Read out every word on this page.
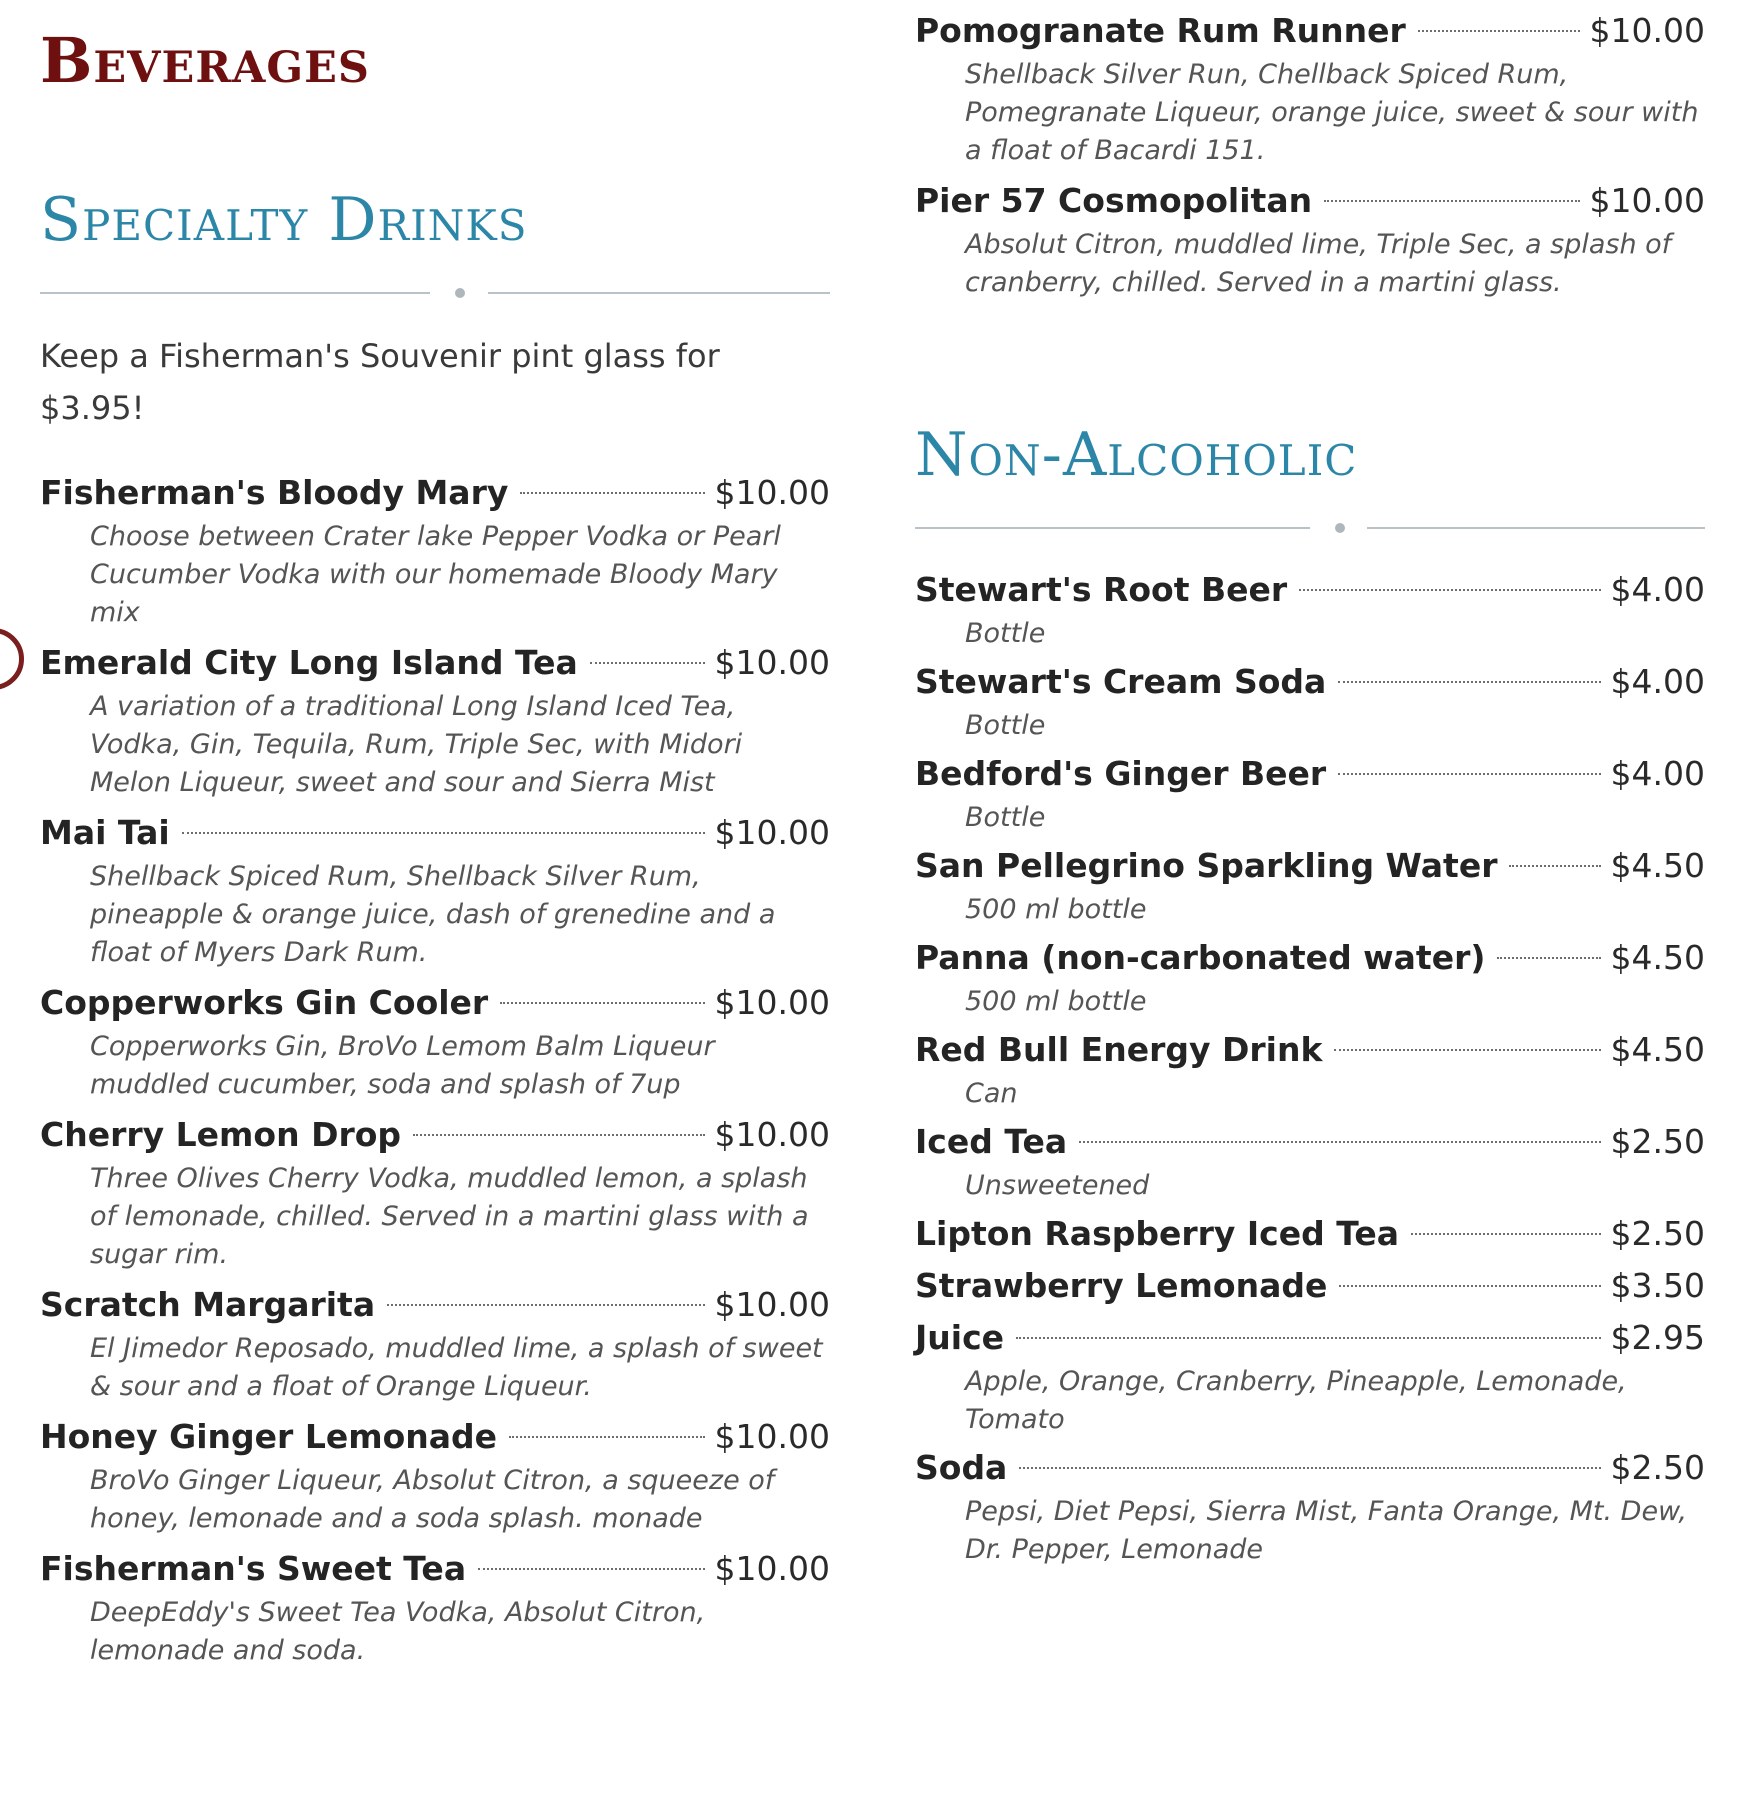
Beverages
Specialty Drinks

Keep a Fisherman's Souvenir pint glass for $3.95!

Fisherman's Bloody Mary	$10.00
Choose between Crater lake Pepper Vodka or Pearl Cucumber Vodka with our homemade Bloody Mary mix
Emerald City Long Island Tea	$10.00
A variation of a traditional Long Island Iced Tea, Vodka, Gin, Tequila, Rum, Triple Sec, with Midori Melon Liqueur, sweet and sour and Sierra Mist
Mai Tai	$10.00
Shellback Spiced Rum, Shellback Silver Rum, pineapple & orange juice, dash of grenedine and a float of Myers Dark Rum.
Copperworks Gin Cooler	$10.00
Copperworks Gin, BroVo Lemom Balm Liqueur muddled cucumber, soda and splash of 7up
Cherry Lemon Drop	$10.00
Three Olives Cherry Vodka, muddled lemon, a splash of lemonade, chilled. Served in a martini glass with a sugar rim.
Scratch Margarita	$10.00
El Jimedor Reposado, muddled lime, a splash of sweet & sour and a float of Orange Liqueur.
Honey Ginger Lemonade	$10.00
BroVo Ginger Liqueur, Absolut Citron, a squeeze of honey, lemonade and a soda splash. monade
Fisherman's Sweet Tea	$10.00
DeepEddy's Sweet Tea Vodka, Absolut Citron, lemonade and soda.
Pomogranate Rum Runner	$10.00
Shellback Silver Run, Chellback Spiced Rum, Pomegranate Liqueur, orange juice, sweet & sour with a float of Bacardi 151.
Pier 57 Cosmopolitan	$10.00
Absolut Citron, muddled lime, Triple Sec, a splash of cranberry, chilled. Served in a martini glass.
Non-Alcoholic
Stewart's Root Beer	$4.00
Bottle
Stewart's Cream Soda	$4.00
Bottle
Bedford's Ginger Beer	$4.00
Bottle
San Pellegrino Sparkling Water	$4.50
500 ml bottle
Panna (non-carbonated water)	$4.50
500 ml bottle
Red Bull Energy Drink	$4.50
Can
Iced Tea	$2.50
Unsweetened
Lipton Raspberry Iced Tea	$2.50
Strawberry Lemonade	$3.50
Juice	$2.95
Apple, Orange, Cranberry, Pineapple, Lemonade, Tomato
Soda	$2.50
Pepsi, Diet Pepsi, Sierra Mist, Fanta Orange, Mt. Dew, Dr. Pepper, Lemonade
